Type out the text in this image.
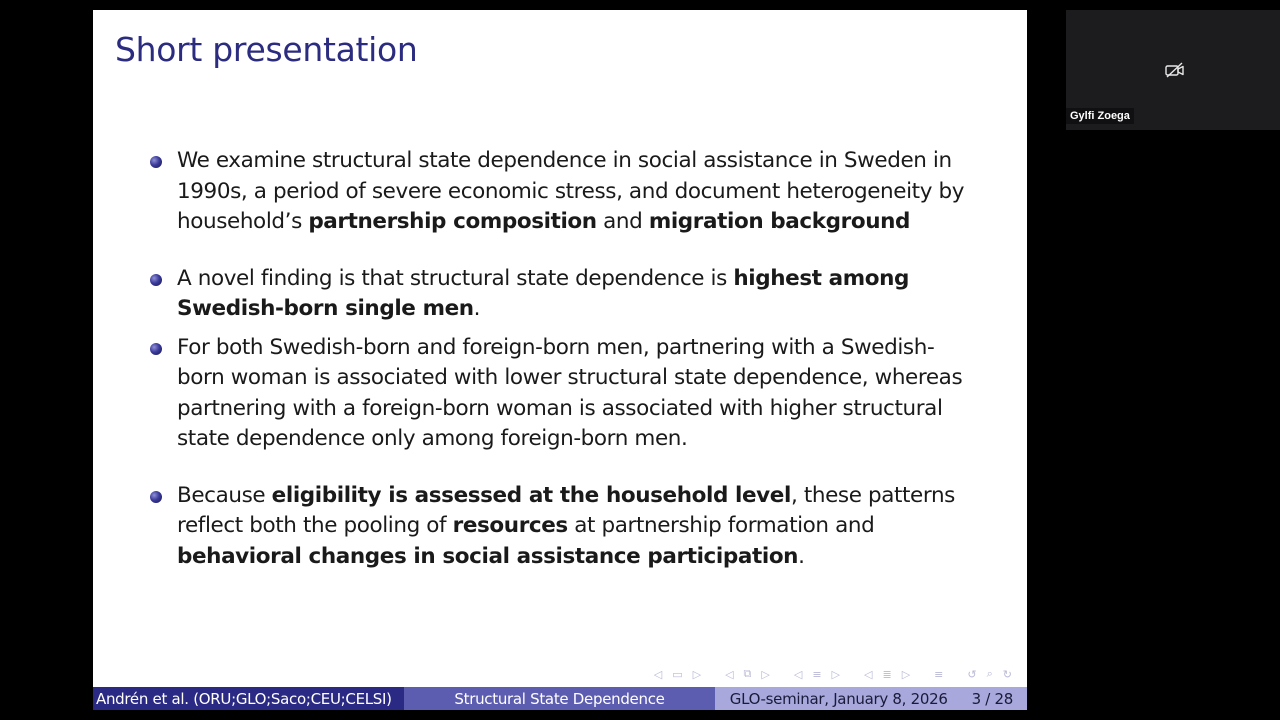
Short presentation
We examine structural state dependence in social assistance in Sweden in 1990s, a period of severe economic stress, and document heterogeneity by household’s partnership composition and migration background
A novel finding is that structural state dependence is highest among Swedish-born single men.
For both Swedish-born and foreign-born men, partnering with a Swedish-born woman is associated with lower structural state dependence, whereas partnering with a foreign-born woman is associated with higher structural state dependence only among foreign-born men.
Because eligibility is assessed at the household level, these patterns reflect both the pooling of resources at partnership formation and behavioral changes in social assistance participation.
◁ ▭ ▷ ◁ ⧉ ▷ ◁ ≡ ▷ ◁ ≣ ▷ ≡ ↺ ⌕ ↻
Andrén et al. (ORU;GLO;Saco;CEU;CELSI)	Structural State Dependence	GLO-seminar, January 8, 2026 3 / 28
Gylfi Zoega
